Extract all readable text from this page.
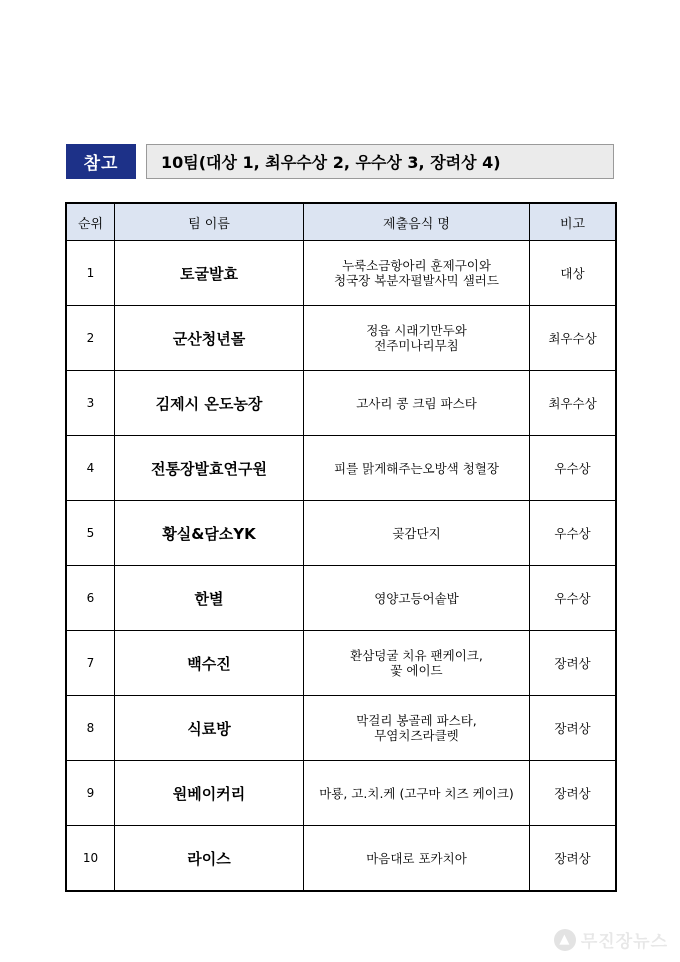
참고	10팀(대상 1, 최우수상 2, 우수상 3, 장려상 4)
순위	팀 이름	제출음식 명	비고
1	토굴발효	누룩소금항아리 훈제구이와
청국장 복분자펄발사믹 샐러드	대상
2	군산청년몰	정읍 시래기만두와
전주미나리무침	최우수상
3	김제시 온도농장	고사리 콩 크림 파스타	최우수상
4	전통장발효연구원	피를 맑게해주는오방색 청혈장	우수상
5	황실&담소YK	곶감단지	우수상
6	한별	영양고등어솥밥	우수상
7	백수진	환삼덩굴 치유 팬케이크,
꽃 에이드	장려상
8	식료방	막걸리 봉골레 파스타,
무염치즈라클렛	장려상
9	원베이커리	마룡, 고.치.케 (고구마 치즈 케이크)	장려상
10	라이스	마음대로 포카치아	장려상
▲ 무진장뉴스
